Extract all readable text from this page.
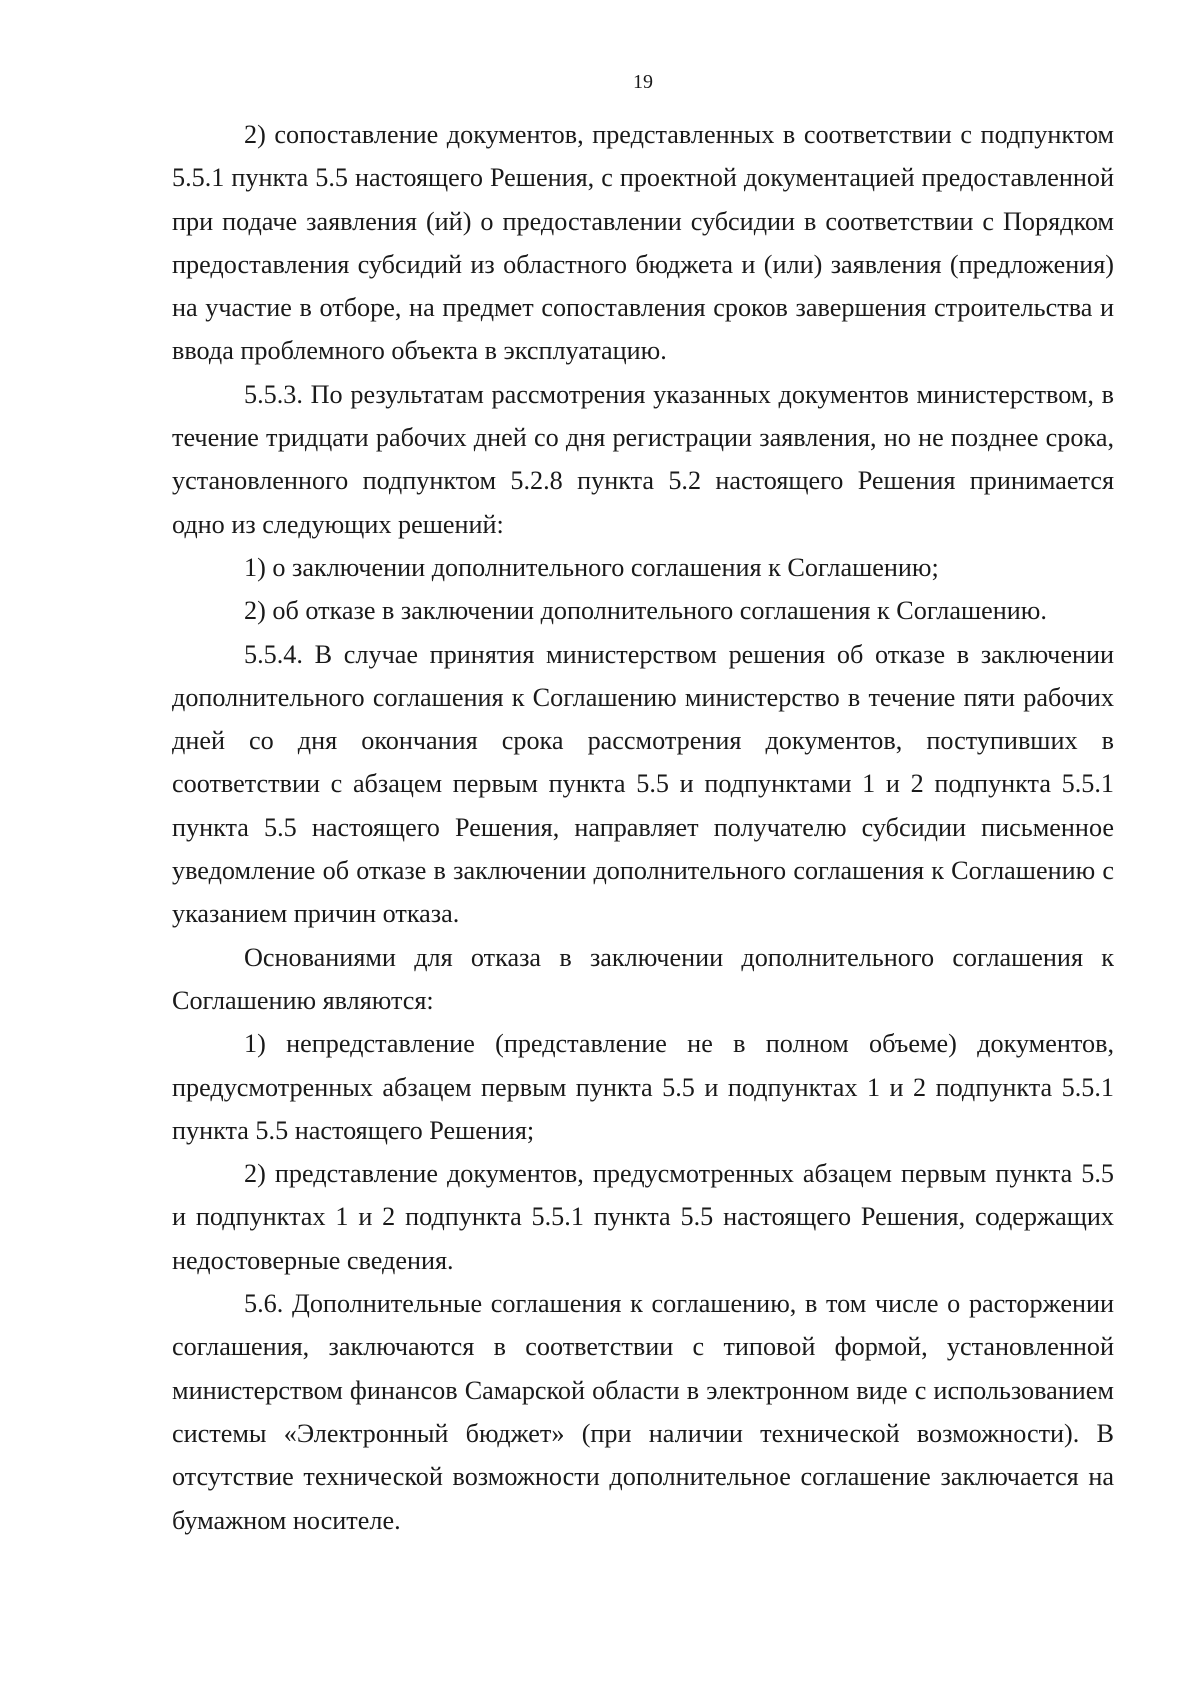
19

2) сопоставление документов, представленных в соответствии с подпунктом 5.5.1 пункта 5.5 настоящего Решения, с проектной документацией предоставленной при подаче заявления (ий) о предоставлении субсидии в соответствии с Порядком предоставления субсидий из областного бюджета и (или) заявления (предложения) на участие в отборе, на предмет сопоставления сроков завершения строительства и ввода проблемного объекта в эксплуатацию.

5.5.3. По результатам рассмотрения указанных документов министерством, в течение тридцати рабочих дней со дня регистрации заявления, но не позднее срока, установленного подпунктом 5.2.8 пункта 5.2 настоящего Решения принимается одно из следующих решений:

1) о заключении дополнительного соглашения к Соглашению;

2) об отказе в заключении дополнительного соглашения к Соглашению.

5.5.4. В случае принятия министерством решения об отказе в заключении дополнительного соглашения к Соглашению министерство в течение пяти рабочих дней со дня окончания срока рассмотрения документов, поступивших в соответствии с абзацем первым пункта 5.5 и подпунктами 1 и 2 подпункта 5.5.1 пункта 5.5 настоящего Решения, направляет получателю субсидии письменное уведомление об отказе в заключении дополнительного соглашения к Соглашению с указанием причин отказа.

Основаниями для отказа в заключении дополнительного соглашения к Соглашению являются:

1) непредставление (представление не в полном объеме) документов, предусмотренных абзацем первым пункта 5.5 и подпунктах 1 и 2 подпункта 5.5.1 пункта 5.5 настоящего Решения;

2) представление документов, предусмотренных абзацем первым пункта 5.5 и подпунктах 1 и 2 подпункта 5.5.1 пункта 5.5 настоящего Решения, содержащих недостоверные сведения.

5.6. Дополнительные соглашения к соглашению, в том числе о расторжении соглашения, заключаются в соответствии с типовой формой, установленной министерством финансов Самарской области в электронном виде с использованием системы «Электронный бюджет» (при наличии технической возможности). В отсутствие технической возможности дополнительное соглашение заключается на бумажном носителе.
